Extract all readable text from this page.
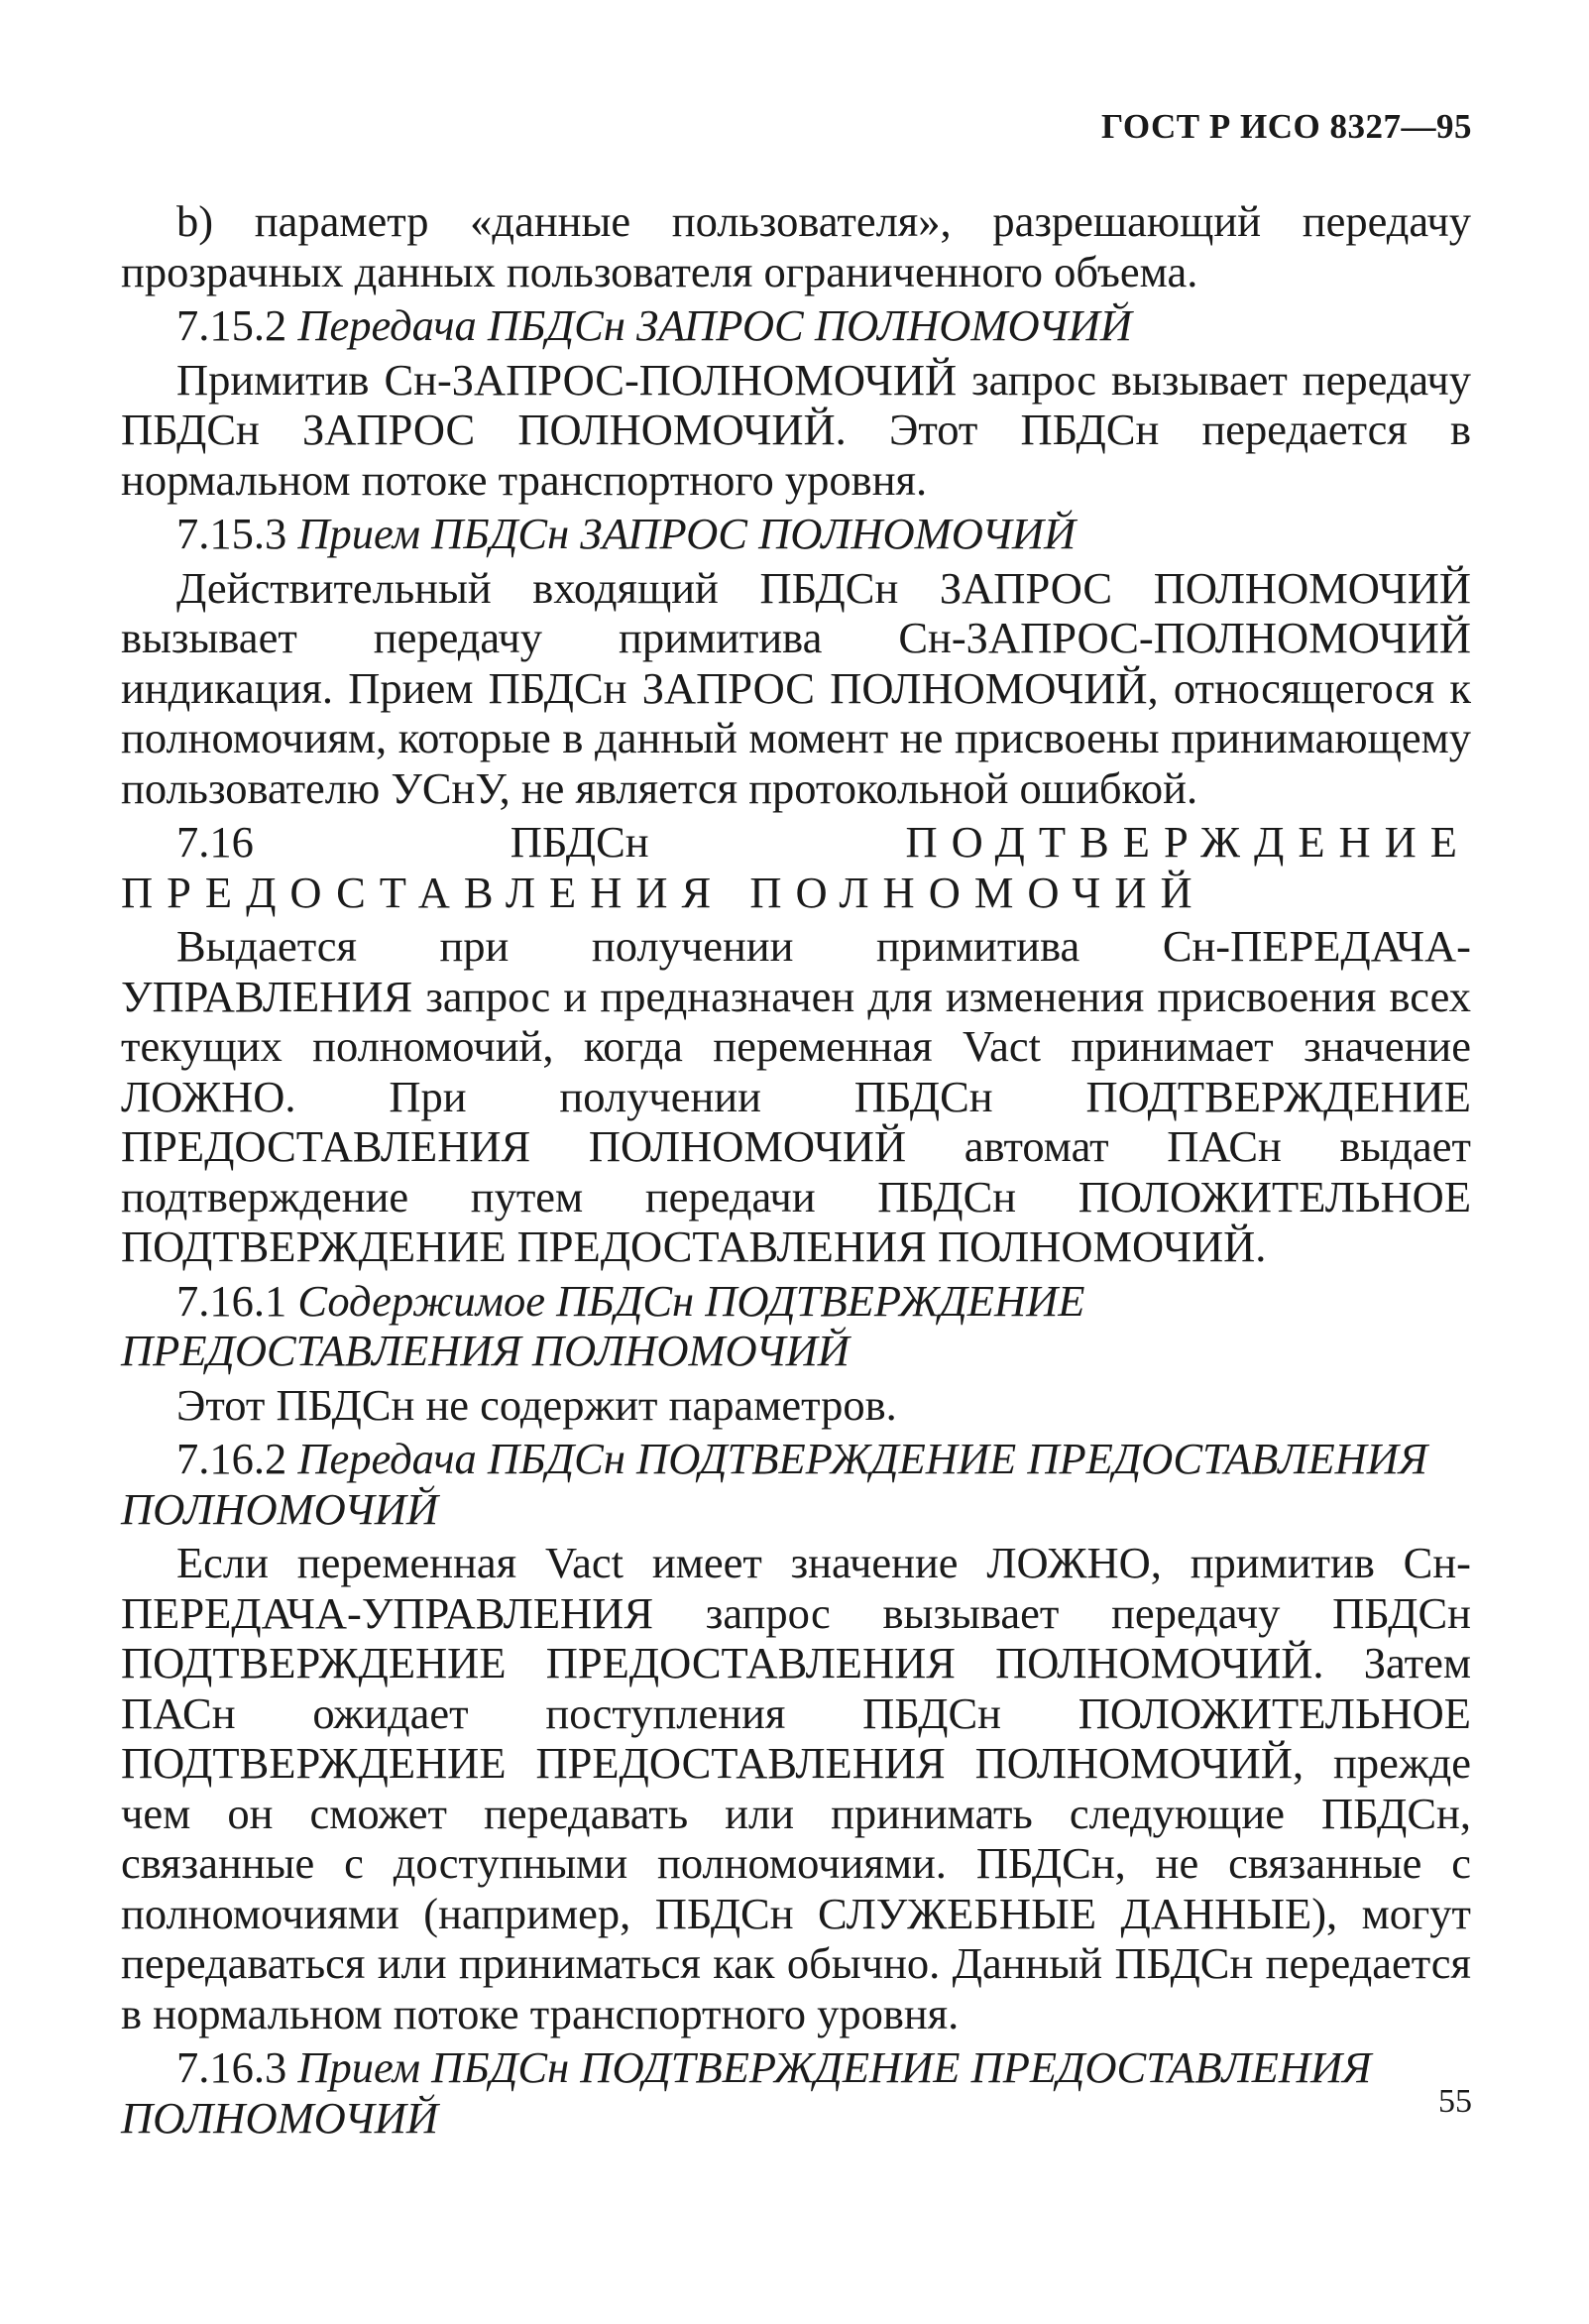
ГОСТ Р ИСО 8327—95

b) параметр «данные пользователя», разрешающий передачу прозрачных данных пользователя ограниченного объема.

7.15.2 Передача ПБДСн ЗАПРОС ПОЛНОМОЧИЙ

Примитив Сн-ЗАПРОС-ПОЛНОМОЧИЙ запрос вызывает передачу ПБДСн ЗАПРОС ПОЛНОМОЧИЙ. Этот ПБДСн передается в нормальном потоке транспортного уровня.

7.15.3 Прием ПБДСн ЗАПРОС ПОЛНОМОЧИЙ

Действительный входящий ПБДСн ЗАПРОС ПОЛНОМОЧИЙ вызывает передачу примитива Сн-ЗАПРОС-ПОЛНОМОЧИЙ индикация. Прием ПБДСн ЗАПРОС ПОЛНОМОЧИЙ, относящегося к полномочиям, которые в данный момент не присвоены принимающему пользователю УСнУ, не является протокольной ошибкой.

7.16 ПБДСн	ПОДТВЕРЖДЕНИЕ ПРЕДОСТАВЛЕНИЯ ПОЛНОМОЧИЙ

Выдается при получении примитива Сн-ПЕРЕДАЧА-УПРАВЛЕНИЯ запрос и предназначен для изменения присвоения всех текущих полномочий, когда переменная Vact принимает значение ЛОЖНО. При получении ПБДСн ПОДТВЕРЖДЕНИЕ ПРЕДОСТАВЛЕНИЯ ПОЛНОМОЧИЙ автомат ПАСн выдает подтверждение путем передачи ПБДСн ПОЛОЖИТЕЛЬНОЕ ПОДТВЕРЖДЕНИЕ ПРЕДОСТАВЛЕНИЯ ПОЛНОМОЧИЙ.

7.16.1 Содержимое ПБДСн ПОДТВЕРЖДЕНИЕ ПРЕДОСТАВЛЕНИЯ ПОЛНОМОЧИЙ

Этот ПБДСн не содержит параметров.

7.16.2 Передача ПБДСн ПОДТВЕРЖДЕНИЕ ПРЕДОСТАВЛЕНИЯ ПОЛНОМОЧИЙ

Если переменная Vact имеет значение ЛОЖНО, примитив Сн-ПЕРЕДАЧА-УПРАВЛЕНИЯ запрос вызывает передачу ПБДСн ПОДТВЕРЖДЕНИЕ ПРЕДОСТАВЛЕНИЯ ПОЛНОМОЧИЙ. Затем ПАСн ожидает поступления ПБДСн ПОЛОЖИТЕЛЬНОЕ ПОДТВЕРЖДЕНИЕ ПРЕДОСТАВЛЕНИЯ ПОЛНОМОЧИЙ, прежде чем он сможет передавать или принимать следующие ПБДСн, связанные с доступными полномочиями. ПБДСн, не связанные с полномочиями (например, ПБДСн СЛУЖЕБНЫЕ ДАННЫЕ), могут передаваться или приниматься как обычно. Данный ПБДСн передается в нормальном потоке транспортного уровня.

7.16.3 Прием ПБДСн ПОДТВЕРЖДЕНИЕ ПРЕДОСТАВЛЕНИЯ ПОЛНОМОЧИЙ	55
